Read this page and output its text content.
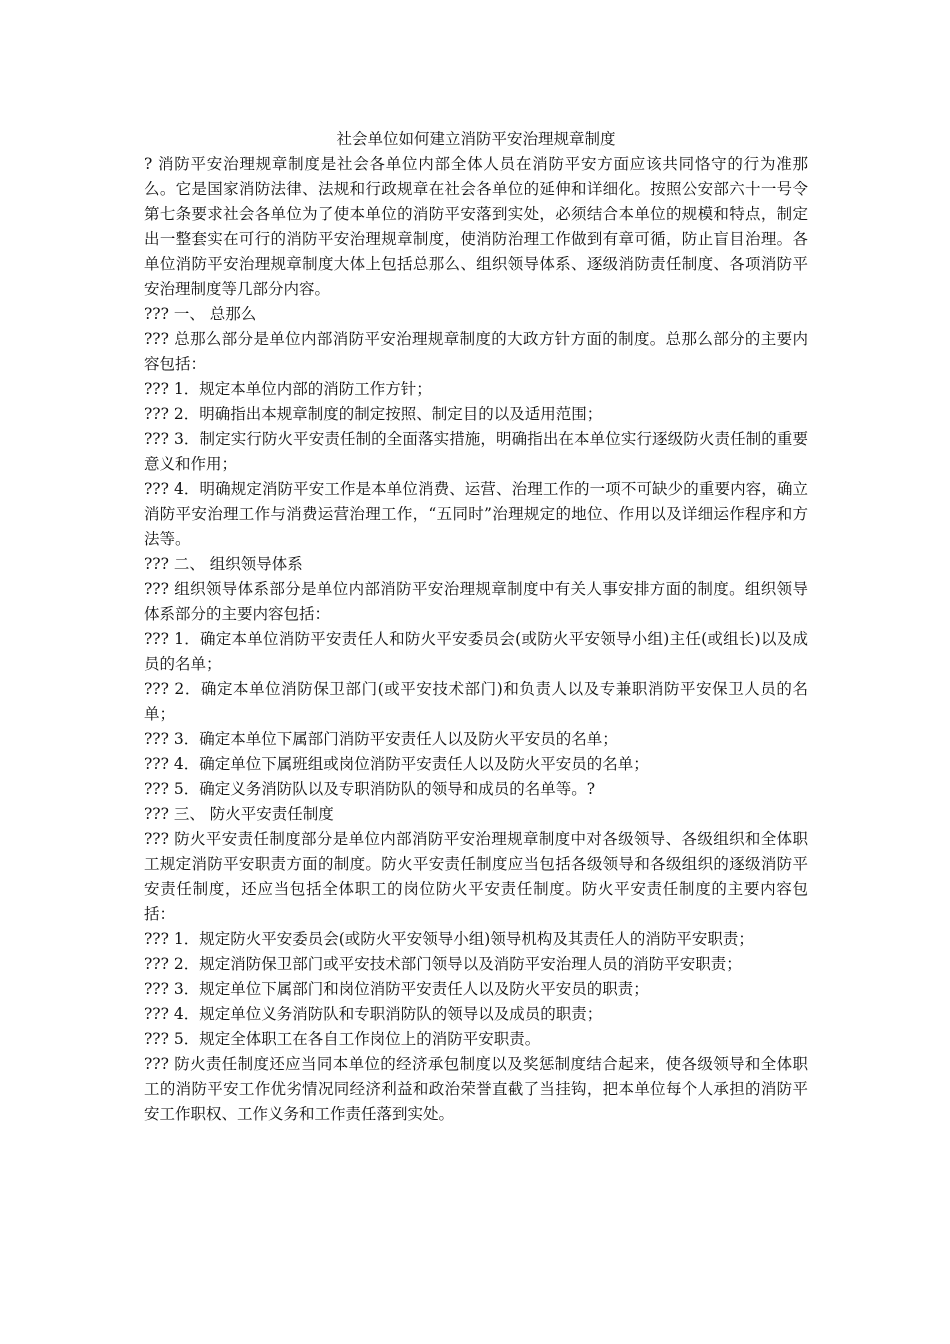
社会单位如何建立消防平安治理规章制度

? 消防平安治理规章制度是社会各单位内部全体人员在消防平安方面应该共同恪守的行为准那么。它是国家消防法律、法规和行政规章在社会各单位的延伸和详细化。按照公安部六十一号令第七条要求社会各单位为了使本单位的消防平安落到实处，必须结合本单位的规模和特点，制定出一整套实在可行的消防平安治理规章制度，使消防治理工作做到有章可循，防止盲目治理。各单位消防平安治理规章制度大体上包括总那么、组织领导体系、逐级消防责任制度、各项消防平安治理制度等几部分内容。

??? 一、 总那么

??? 总那么部分是单位内部消防平安治理规章制度的大政方针方面的制度。总那么部分的主要内容包括：

??? 1．规定本单位内部的消防工作方针；

??? 2．明确指出本规章制度的制定按照、制定目的以及适用范围；

??? 3．制定实行防火平安责任制的全面落实措施，明确指出在本单位实行逐级防火责任制的重要意义和作用；

??? 4．明确规定消防平安工作是本单位消费、运营、治理工作的一项不可缺少的重要内容，确立消防平安治理工作与消费运营治理工作，“五同时”治理规定的地位、作用以及详细运作程序和方法等。

??? 二、 组织领导体系

??? 组织领导体系部分是单位内部消防平安治理规章制度中有关人事安排方面的制度。组织领导体系部分的主要内容包括：

??? 1．确定本单位消防平安责任人和防火平安委员会(或防火平安领导小组)主任(或组长)以及成员的名单；

??? 2．确定本单位消防保卫部门(或平安技术部门)和负责人以及专兼职消防平安保卫人员的名单；

??? 3．确定本单位下属部门消防平安责任人以及防火平安员的名单；

??? 4．确定单位下属班组或岗位消防平安责任人以及防火平安员的名单；

??? 5．确定义务消防队以及专职消防队的领导和成员的名单等。?

??? 三、 防火平安责任制度

??? 防火平安责任制度部分是单位内部消防平安治理规章制度中对各级领导、各级组织和全体职工规定消防平安职责方面的制度。防火平安责任制度应当包括各级领导和各级组织的逐级消防平安责任制度，还应当包括全体职工的岗位防火平安责任制度。防火平安责任制度的主要内容包括：

??? 1．规定防火平安委员会(或防火平安领导小组)领导机构及其责任人的消防平安职责；

??? 2．规定消防保卫部门或平安技术部门领导以及消防平安治理人员的消防平安职责；

??? 3．规定单位下属部门和岗位消防平安责任人以及防火平安员的职责；

??? 4．规定单位义务消防队和专职消防队的领导以及成员的职责；

??? 5．规定全体职工在各自工作岗位上的消防平安职责。

??? 防火责任制度还应当同本单位的经济承包制度以及奖惩制度结合起来，使各级领导和全体职工的消防平安工作优劣情况同经济利益和政治荣誉直截了当挂钩，把本单位每个人承担的消防平安工作职权、工作义务和工作责任落到实处。
